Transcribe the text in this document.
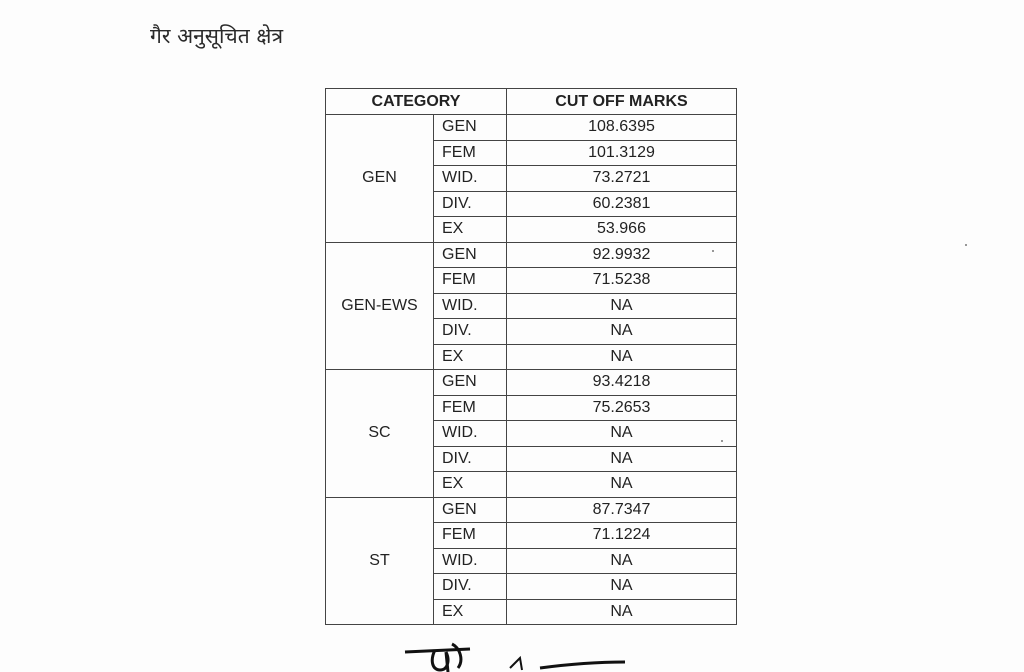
गैर अनुसूचित क्षेत्र
CATEGORY		CUT OFF MARKS
GEN	GEN	108.6395
	FEM	101.3129
	WID.	73.2721
	DIV.	60.2381
	EX	53.966
GEN-EWS	GEN	92.9932
	FEM	71.5238
	WID.	NA
	DIV.	NA
	EX	NA
SC	GEN	93.4218
	FEM	75.2653
	WID.	NA
	DIV.	NA
	EX	NA
ST	GEN	87.7347
	FEM	71.1224
	WID.	NA
	DIV.	NA
	EX	NA
